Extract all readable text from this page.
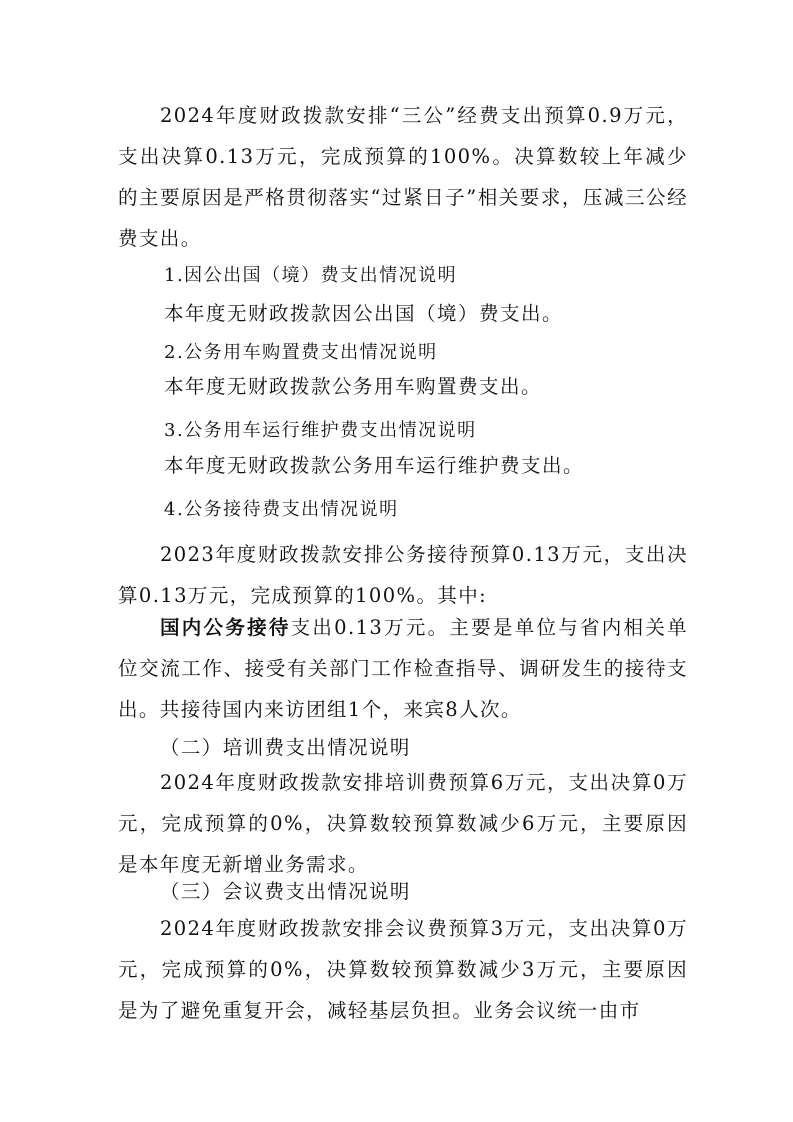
2024年度财政拨款安排“三公”经费支出预算0.9万元，支出决算0.13万元，完成预算的100%。决算数较上年减少的主要原因是严格贯彻落实“过紧日子”相关要求，压减三公经费支出。

1.因公出国（境）费支出情况说明

本年度无财政拨款因公出国（境）费支出。

2.公务用车购置费支出情况说明

本年度无财政拨款公务用车购置费支出。

3.公务用车运行维护费支出情况说明

本年度无财政拨款公务用车运行维护费支出。

4.公务接待费支出情况说明

2023年度财政拨款安排公务接待预算0.13万元，支出决算0.13万元，完成预算的100%。其中:

国内公务接待支出0.13万元。主要是单位与省内相关单位交流工作、接受有关部门工作检查指导、调研发生的接待支出。共接待国内来访团组1个，来宾8人次。

（二）培训费支出情况说明

2024年度财政拨款安排培训费预算6万元，支出决算0万元，完成预算的0%，决算数较预算数减少6万元，主要原因是本年度无新增业务需求。

（三）会议费支出情况说明

2024年度财政拨款安排会议费预算3万元，支出决算0万元，完成预算的0%，决算数较预算数减少3万元，主要原因是为了避免重复开会，减轻基层负担。业务会议统一由市
